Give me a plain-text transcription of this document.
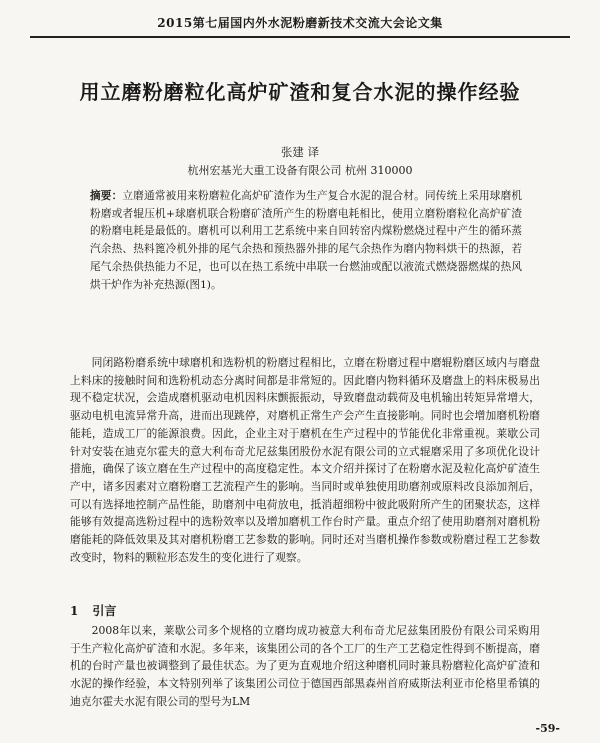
2015第七届国内外水泥粉磨新技术交流大会论文集
用立磨粉磨粒化高炉矿渣和复合水泥的操作经验
张建 译
杭州宏基光大重工设备有限公司 杭州 310000
摘要：立磨通常被用来粉磨粒化高炉矿渣作为生产复合水泥的混合材。同传统上采用球磨机粉磨或者辊压机+球磨机联合粉磨矿渣所产生的粉磨电耗相比，使用立磨粉磨粒化高炉矿渣的粉磨电耗是最低的。磨机可以利用工艺系统中来自回转窑内煤粉燃烧过程中产生的循环蒸汽余热、热料篦冷机外排的尾气余热和预热器外排的尾气余热作为磨内物料烘干的热源，若尾气余热供热能力不足，也可以在热工系统中串联一台燃油或配以液流式燃烧器燃煤的热风烘干炉作为补充热源(图1)。

同闭路粉磨系统中球磨机和选粉机的粉磨过程相比，立磨在粉磨过程中磨辊粉磨区域内与磨盘上料床的接触时间和选粉机动态分离时间都是非常短的。因此磨内物料循环及磨盘上的料床极易出现不稳定状况，会造成磨机驱动电机因料床颤振振动，导致磨盘动载荷及电机输出转矩异常增大，驱动电机电流异常升高，进而出现跳停，对磨机正常生产会产生直接影响。同时也会增加磨机粉磨能耗，造成工厂的能源浪费。因此，企业主对于磨机在生产过程中的节能优化非常重视。莱歇公司针对安装在迪克尔霍夫的意大利布奇尤尼兹集团股份水泥有限公司的立式辊磨采用了多项优化设计措施，确保了该立磨在生产过程中的高度稳定性。本文介绍并探讨了在粉磨水泥及粒化高炉矿渣生产中，诸多因素对立磨粉磨工艺流程产生的影响。当同时或单独使用助磨剂或原料改良添加剂后，可以有选择地控制产品性能，助磨剂中电荷放电，抵消超细粉中彼此吸附所产生的团聚状态，这样能够有效提高选粉过程中的选粉效率以及增加磨机工作台时产量。重点介绍了使用助磨剂对磨机粉磨能耗的降低效果及其对磨机粉磨工艺参数的影响。同时还对当磨机操作参数或粉磨过程工艺参数改变时，物料的颗粒形态发生的变化进行了观察。

1 引言

2008年以来，莱歇公司多个规格的立磨均成功被意大利布奇尤尼兹集团股份有限公司采购用于生产粒化高炉矿渣和水泥。多年来，该集团公司的各个工厂的生产工艺稳定性得到不断提高，磨机的台时产量也被调整到了最佳状态。为了更为直观地介绍这种磨机同时兼具粉磨粒化高炉矿渣和水泥的操作经验，本文特别列举了该集团公司位于德国西部黑森州首府威斯法利亚市伦格里希镇的迪克尔霍夫水泥有限公司的型号为LM

-59-
